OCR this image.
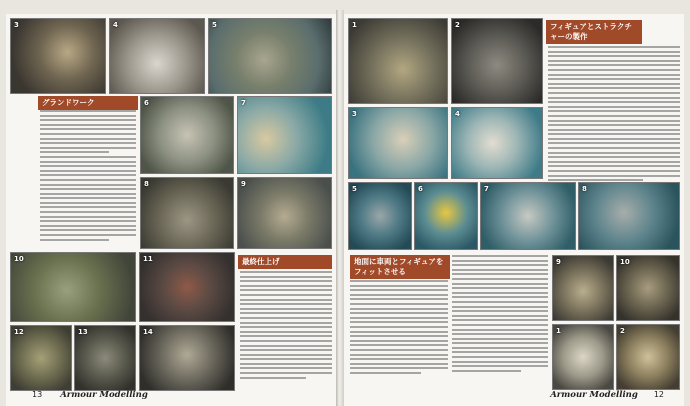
3	4	5
グランドワーク	6	7
8	9
10	11	最終仕上げ
12	13	14
13 Armour Modelling
1	2	フィギュアとストラクチャーの製作
3	4
5	6	7	8
地面に車両とフィギュアをフィットさせる
9	10
1	2
Armour Modelling 12
